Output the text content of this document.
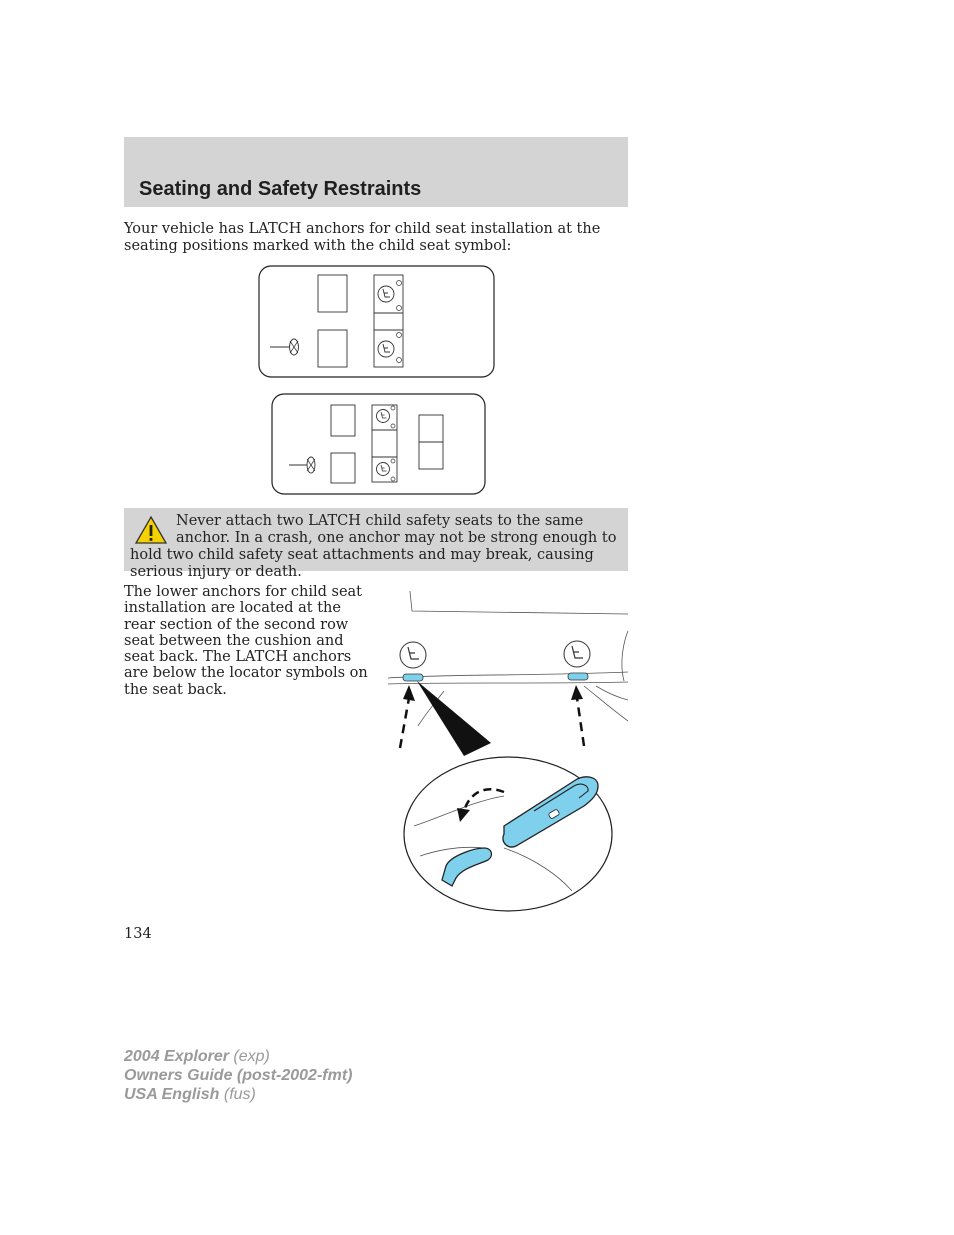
Seating and Safety Restraints

Your vehicle has LATCH anchors for child seat installation at the seating positions marked with the child seat symbol:

Never attach two LATCH child safety seats to the same anchor. In a crash, one anchor may not be strong enough to hold two child safety seat attachments and may break, causing serious injury or death.

The lower anchors for child seat installation are located at the rear section of the second row seat between the cushion and seat back. The LATCH anchors are below the locator symbols on the seat back.

134
2004 Explorer (exp)
Owners Guide (post-2002-fmt)
USA English (fus)
